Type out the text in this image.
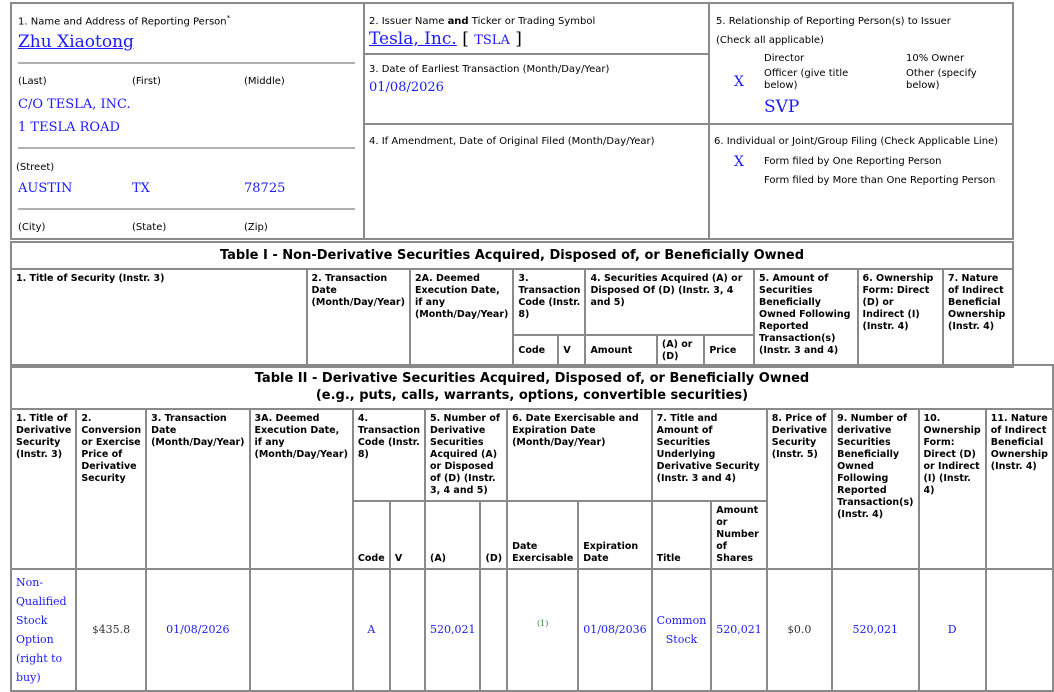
1. Name and Address of Reporting Person*
Zhu Xiaotong
(Last)	(First)	(Middle)
C/O TESLA, INC.
1 TESLA ROAD
(Street)
AUSTIN	TX	78725
(City)	(State)	(Zip)
2. Issuer Name and Ticker or Trading Symbol
Tesla, Inc. [ TSLA ]
3. Date of Earliest Transaction (Month/Day/Year)
01/08/2026
4. If Amendment, Date of Original Filed (Month/Day/Year)
5. Relationship of Reporting Person(s) to Issuer
(Check all applicable)
Director	10% Owner
X
Officer (give title below)
Other (specify below)
SVP
6. Individual or Joint/Group Filing (Check Applicable Line)
X Form filed by One Reporting Person
Form filed by More than One Reporting Person
Table I - Non-Derivative Securities Acquired, Disposed of, or Beneficially Owned										
1. Title of Security (Instr. 3)	2. Transaction Date (Month/Day/Year)	2A. Deemed Execution Date, if any (Month/Day/Year)	3. Transaction Code (Instr. 8)		4. Securities Acquired (A) or Disposed Of (D) (Instr. 3, 4 and 5)			5. Amount of Securities Beneficially Owned Following Reported Transaction(s) (Instr. 3 and 4)	6. Ownership Form: Direct (D) or Indirect (I) (Instr. 4)	7. Nature of Indirect Beneficial Ownership (Instr. 4)
			Code	V	Amount	(A) or (D)	Price			
Table II - Derivative Securities Acquired, Disposed of, or Beneficially Owned
(e.g., puts, calls, warrants, options, convertible securities)															

1. Title of Derivative Security (Instr. 3)	2. Conversion or Exercise Price of Derivative Security	3. Transaction Date (Month/Day/Year)	3A. Deemed Execution Date, if any (Month/Day/Year)	4. Transaction Code (Instr. 8)		5. Number of Derivative Securities Acquired (A) or Disposed of (D) (Instr. 3, 4 and 5)		6. Date Exercisable and Expiration Date (Month/Day/Year)		7. Title and Amount of Securities Underlying Derivative Security (Instr. 3 and 4)		8. Price of Derivative Security (Instr. 5)	9. Number of derivative Securities Beneficially Owned Following Reported Transaction(s) (Instr. 4)	10. Ownership Form: Direct (D) or Indirect (I) (Instr. 4)	11. Nature of Indirect Beneficial Ownership (Instr. 4)
				Code	V	(A)	(D)	Date Exercisable	Expiration Date	Title	Amount or Number of Shares				
Non-Qualified Stock Option (right to buy)	$435.8	01/08/2026		A		520,021		$^{(1)}$	01/08/2036	Common Stock	520,021	$0.0	520,021	D	
